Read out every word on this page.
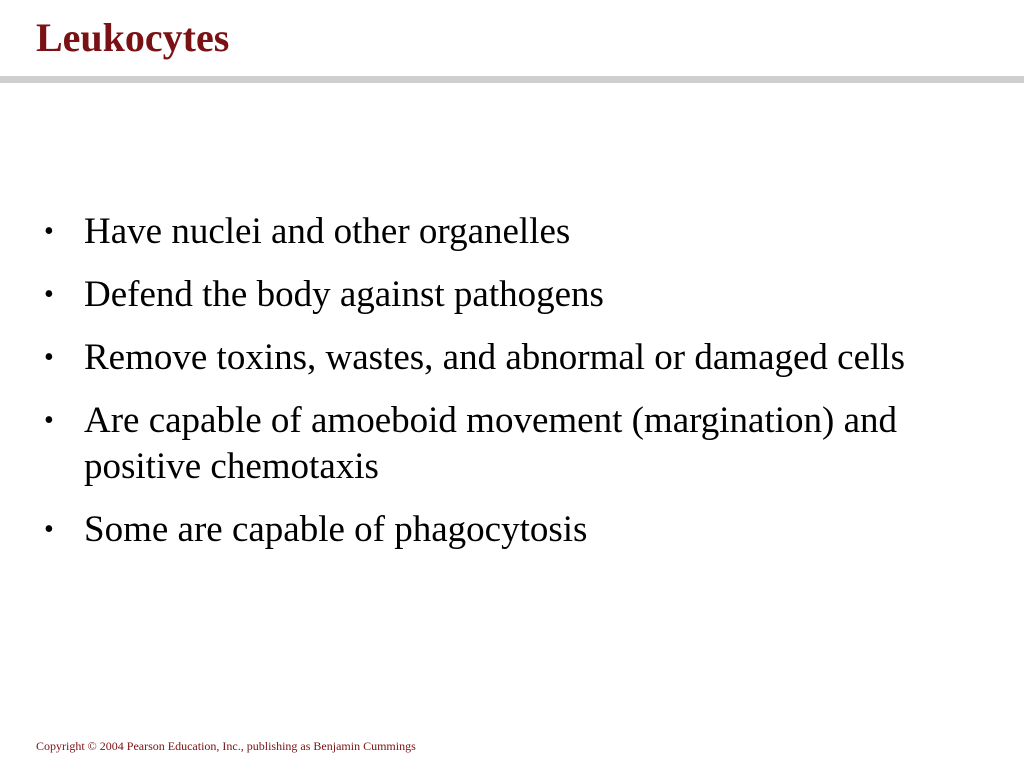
Leukocytes
• Have nuclei and other organelles
• Defend the body against pathogens
• Remove toxins, wastes, and abnormal or damaged cells
• Are capable of amoeboid movement (margination) and positive chemotaxis
• Some are capable of phagocytosis
Copyright © 2004 Pearson Education, Inc., publishing as Benjamin Cummings
